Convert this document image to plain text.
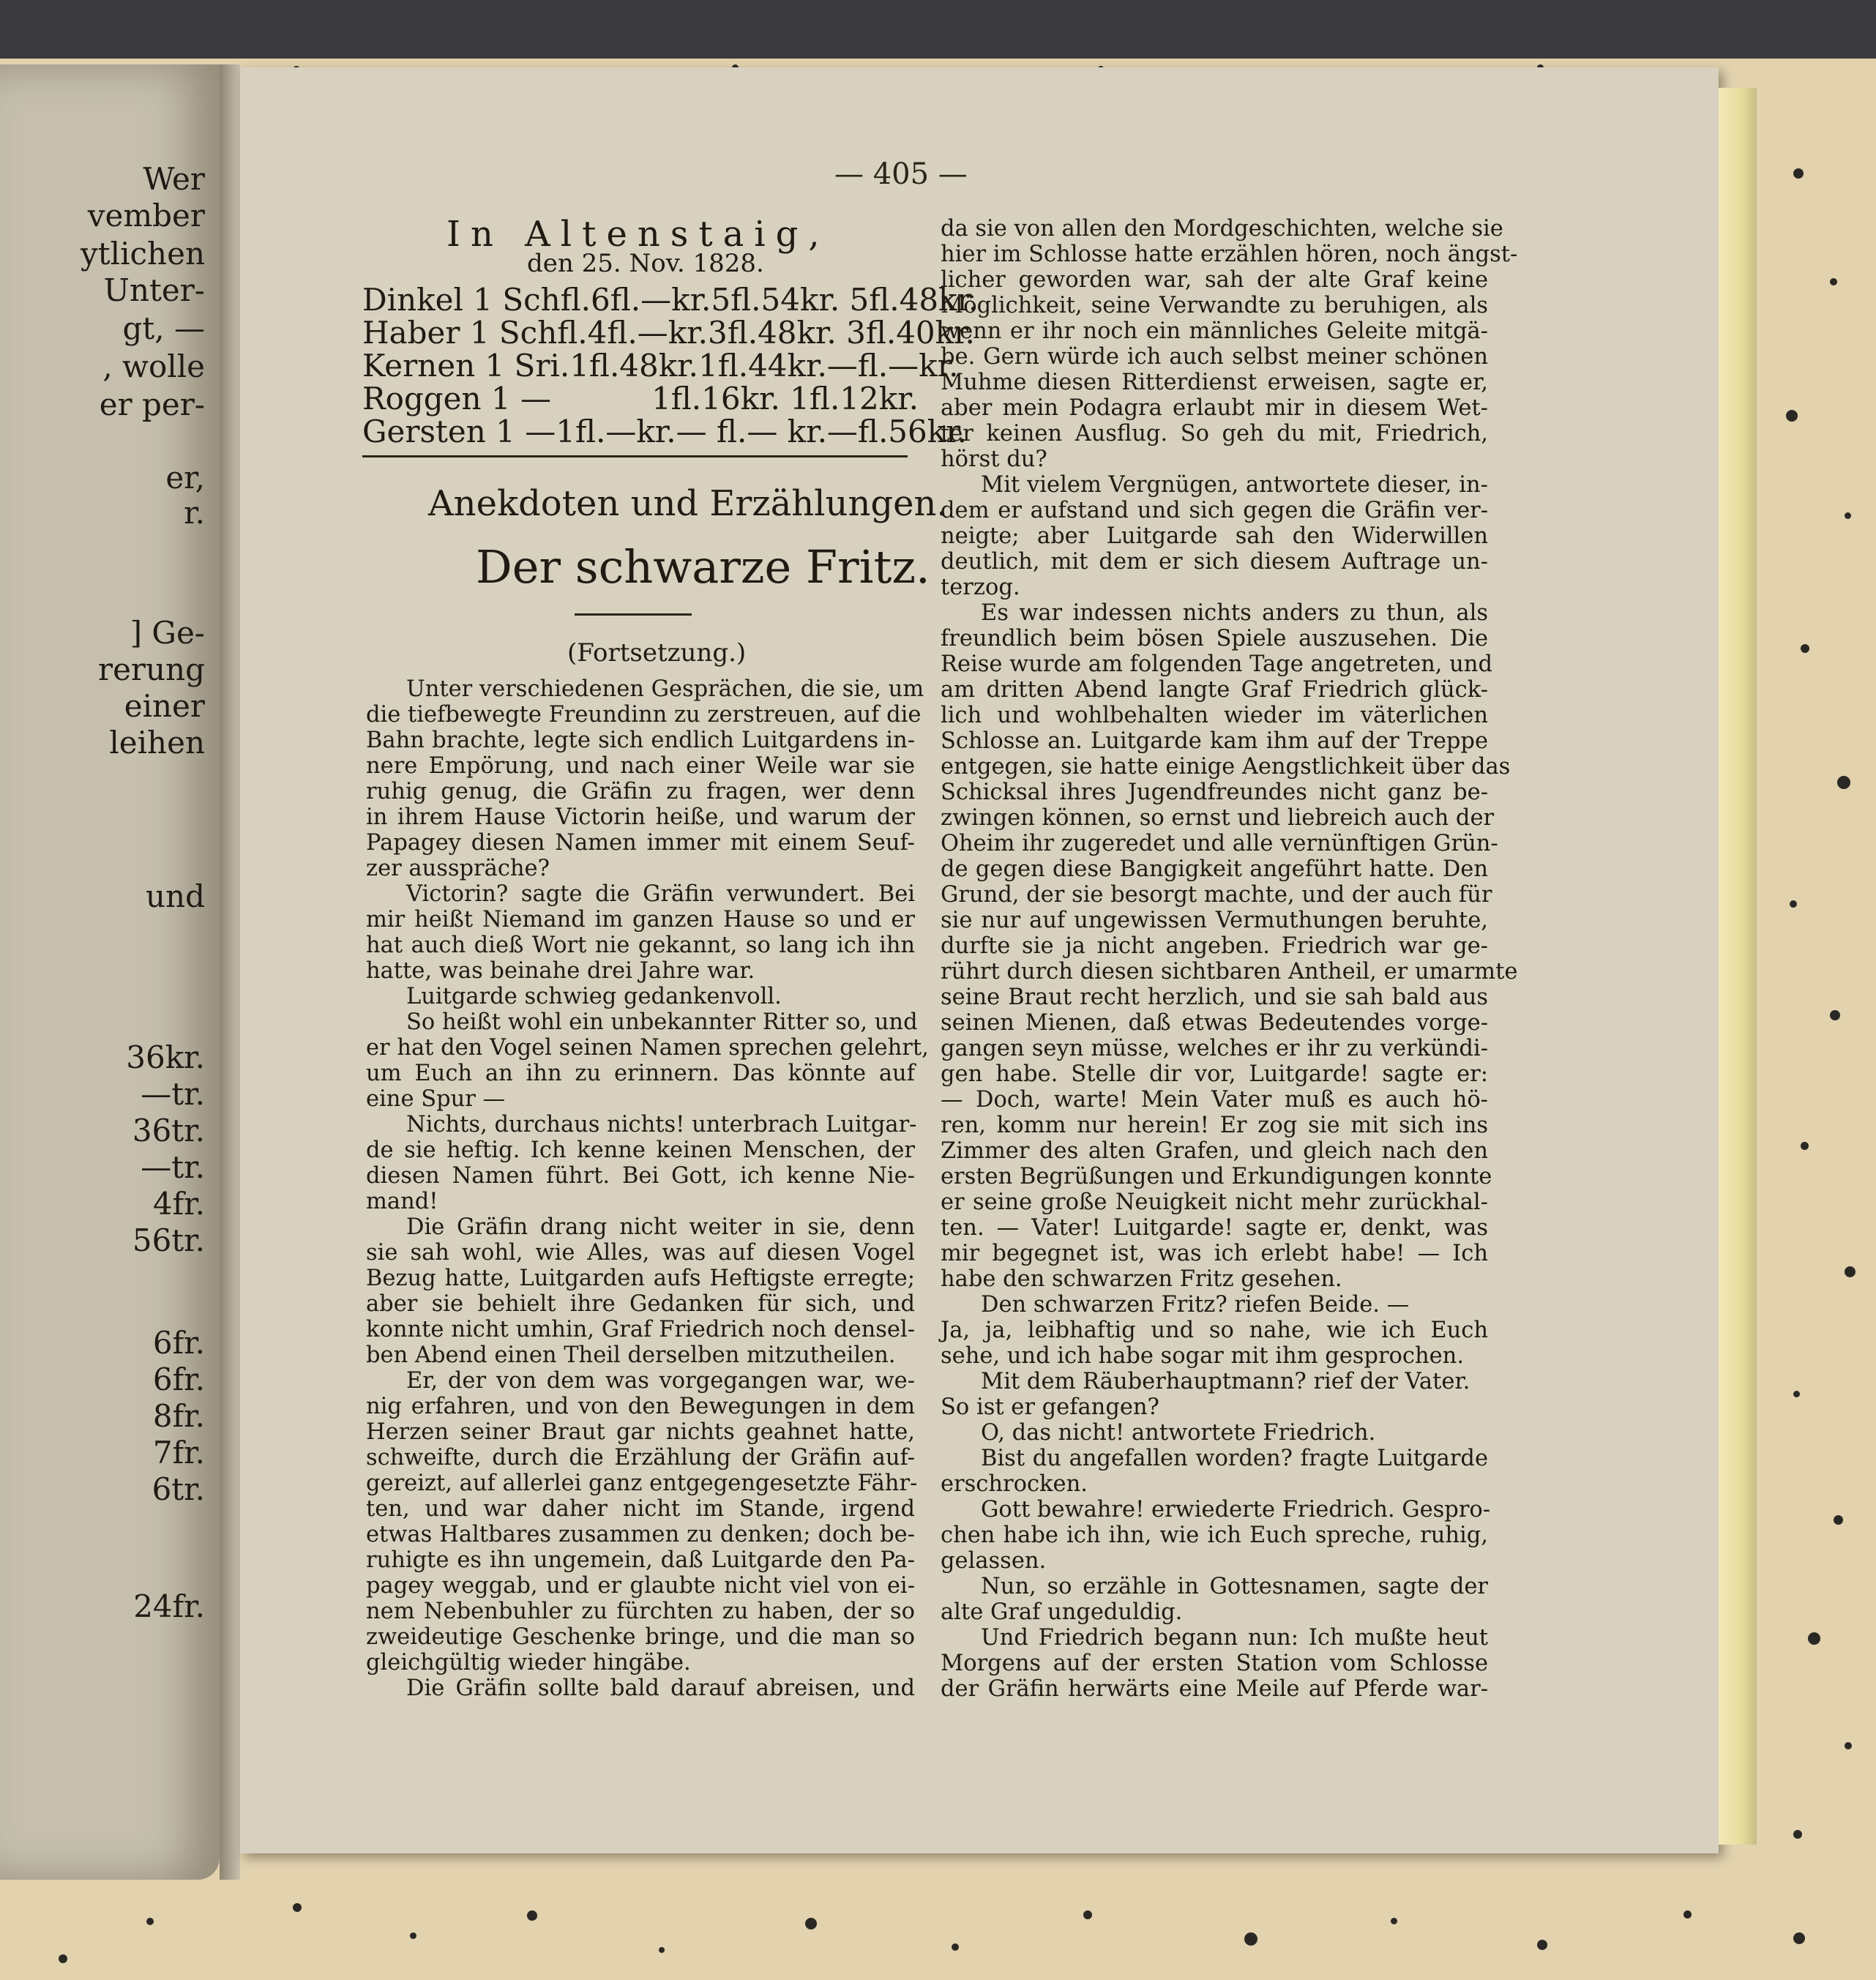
Wer
vember
ytlichen
Unter-
gt, —
, wolle
er per-
er,
r.
] Ge-
rerung
einer
leihen
und
36kr.
—tr.
36tr.
—tr.
4fr.
56tr.
6fr.
6fr.
8fr.
7fr.
6tr.
24fr.
— 405 —
In Altenstaig,
den 25. Nov. 1828.
Dinkel 1 Schfl. 6fl.—kr.5fl.54kr. 5fl.48kr.
Haber 1 Schfl. 4fl.—kr.3fl.48kr. 3fl.40kr.
Kernen 1 Sri. 1fl.48kr.1fl.44kr.—fl.—kr.
Roggen 1 —	1fl.16kr. 1fl.12kr.
Gersten 1 — 1fl.—kr.— fl.— kr.—fl.56kr.
Anekdoten und Erzählungen.
Der schwarze Fritz.
(Fortsetzung.)
Unter verschiedenen Gesprächen, die sie, um
die tiefbewegte Freundinn zu zerstreuen, auf die
Bahn brachte, legte sich endlich Luitgardens in-
nere Empörung, und nach einer Weile war sie
ruhig genug, die Gräfin zu fragen, wer denn
in ihrem Hause Victorin heiße, und warum der
Papagey diesen Namen immer mit einem Seuf-
zer ausspräche?
Victorin? sagte die Gräfin verwundert. Bei
mir heißt Niemand im ganzen Hause so und er
hat auch dieß Wort nie gekannt, so lang ich ihn
hatte, was beinahe drei Jahre war.
Luitgarde schwieg gedankenvoll.
So heißt wohl ein unbekannter Ritter so, und
er hat den Vogel seinen Namen sprechen gelehrt,
um Euch an ihn zu erinnern. Das könnte auf
eine Spur —
Nichts, durchaus nichts! unterbrach Luitgar-
de sie heftig. Ich kenne keinen Menschen, der
diesen Namen führt. Bei Gott, ich kenne Nie-
mand!
Die Gräfin drang nicht weiter in sie, denn
sie sah wohl, wie Alles, was auf diesen Vogel
Bezug hatte, Luitgarden aufs Heftigste erregte;
aber sie behielt ihre Gedanken für sich, und
konnte nicht umhin, Graf Friedrich noch densel-
ben Abend einen Theil derselben mitzutheilen.
Er, der von dem was vorgegangen war, we-
nig erfahren, und von den Bewegungen in dem
Herzen seiner Braut gar nichts geahnet hatte,
schweifte, durch die Erzählung der Gräfin auf-
gereizt, auf allerlei ganz entgegengesetzte Fähr-
ten, und war daher nicht im Stande, irgend
etwas Haltbares zusammen zu denken; doch be-
ruhigte es ihn ungemein, daß Luitgarde den Pa-
pagey weggab, und er glaubte nicht viel von ei-
nem Nebenbuhler zu fürchten zu haben, der so
zweideutige Geschenke bringe, und die man so
gleichgültig wieder hingäbe.
Die Gräfin sollte bald darauf abreisen, und
da sie von allen den Mordgeschichten, welche sie
hier im Schlosse hatte erzählen hören, noch ängst-
licher geworden war, sah der alte Graf keine
Möglichkeit, seine Verwandte zu beruhigen, als
wenn er ihr noch ein männliches Geleite mitgä-
be. Gern würde ich auch selbst meiner schönen
Muhme diesen Ritterdienst erweisen, sagte er,
aber mein Podagra erlaubt mir in diesem Wet-
ter keinen Ausflug. So geh du mit, Friedrich,
hörst du?
Mit vielem Vergnügen, antwortete dieser, in-
dem er aufstand und sich gegen die Gräfin ver-
neigte; aber Luitgarde sah den Widerwillen
deutlich, mit dem er sich diesem Auftrage un-
terzog.
Es war indessen nichts anders zu thun, als
freundlich beim bösen Spiele auszusehen. Die
Reise wurde am folgenden Tage angetreten, und
am dritten Abend langte Graf Friedrich glück-
lich und wohlbehalten wieder im väterlichen
Schlosse an. Luitgarde kam ihm auf der Treppe
entgegen, sie hatte einige Aengstlichkeit über das
Schicksal ihres Jugendfreundes nicht ganz be-
zwingen können, so ernst und liebreich auch der
Oheim ihr zugeredet und alle vernünftigen Grün-
de gegen diese Bangigkeit angeführt hatte. Den
Grund, der sie besorgt machte, und der auch für
sie nur auf ungewissen Vermuthungen beruhte,
durfte sie ja nicht angeben. Friedrich war ge-
rührt durch diesen sichtbaren Antheil, er umarmte
seine Braut recht herzlich, und sie sah bald aus
seinen Mienen, daß etwas Bedeutendes vorge-
gangen seyn müsse, welches er ihr zu verkündi-
gen habe. Stelle dir vor, Luitgarde! sagte er:
— Doch, warte! Mein Vater muß es auch hö-
ren, komm nur herein! Er zog sie mit sich ins
Zimmer des alten Grafen, und gleich nach den
ersten Begrüßungen und Erkundigungen konnte
er seine große Neuigkeit nicht mehr zurückhal-
ten. — Vater! Luitgarde! sagte er, denkt, was
mir begegnet ist, was ich erlebt habe! — Ich
habe den schwarzen Fritz gesehen.
Den schwarzen Fritz? riefen Beide. —
Ja, ja, leibhaftig und so nahe, wie ich Euch
sehe, und ich habe sogar mit ihm gesprochen.
Mit dem Räuberhauptmann? rief der Vater.
So ist er gefangen?
O, das nicht! antwortete Friedrich.
Bist du angefallen worden? fragte Luitgarde
erschrocken.
Gott bewahre! erwiederte Friedrich. Gespro-
chen habe ich ihn, wie ich Euch spreche, ruhig,
gelassen.
Nun, so erzähle in Gottesnamen, sagte der
alte Graf ungeduldig.
Und Friedrich begann nun: Ich mußte heut
Morgens auf der ersten Station vom Schlosse
der Gräfin herwärts eine Meile auf Pferde war-
